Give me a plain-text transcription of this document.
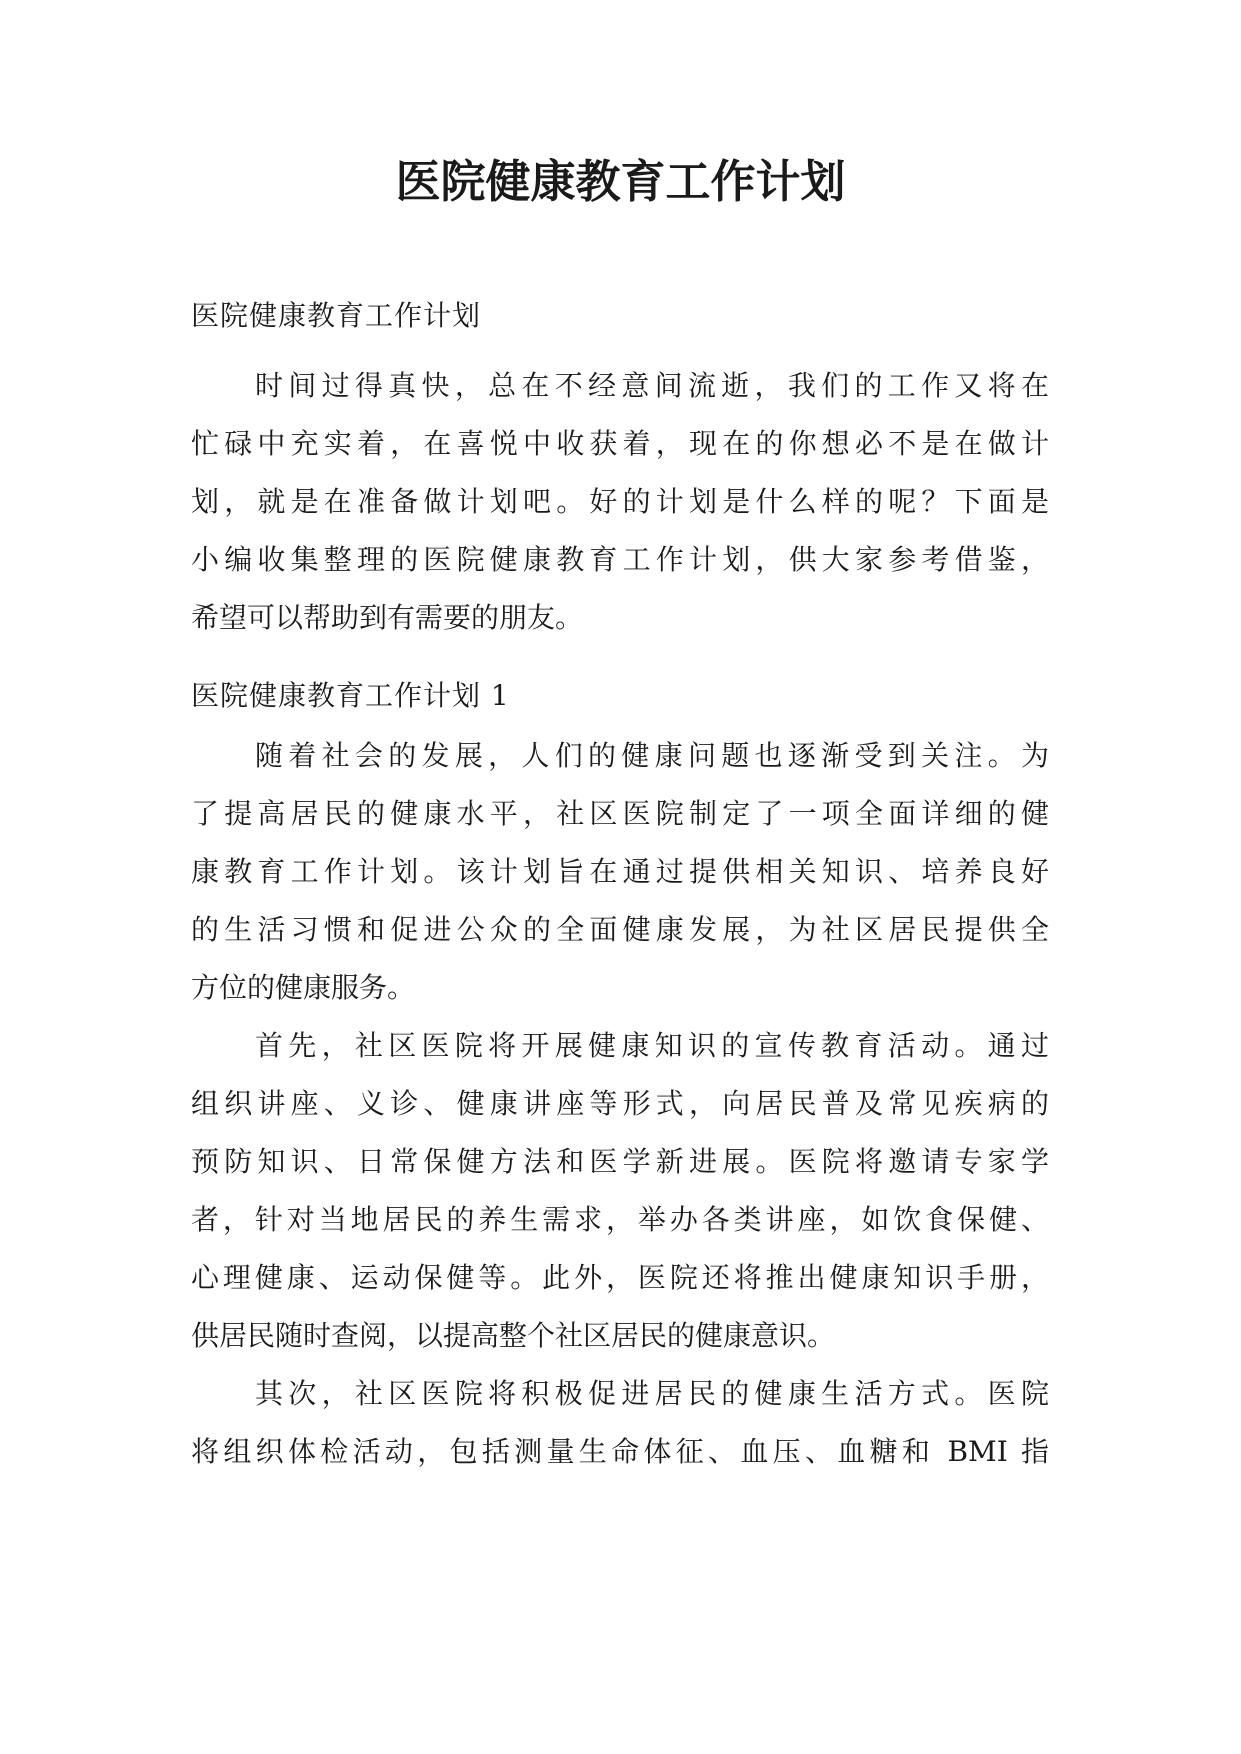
医院健康教育工作计划
医院健康教育工作计划
时间过得真快，总在不经意间流逝，我们的工作又将在
忙碌中充实着，在喜悦中收获着，现在的你想必不是在做计
划，就是在准备做计划吧。好的计划是什么样的呢？下面是
小编收集整理的医院健康教育工作计划，供大家参考借鉴，
希望可以帮助到有需要的朋友。
医院健康教育工作计划 1
随着社会的发展，人们的健康问题也逐渐受到关注。为
了提高居民的健康水平，社区医院制定了一项全面详细的健
康教育工作计划。该计划旨在通过提供相关知识、培养良好
的生活习惯和促进公众的全面健康发展，为社区居民提供全
方位的健康服务。
首先，社区医院将开展健康知识的宣传教育活动。通过
组织讲座、义诊、健康讲座等形式，向居民普及常见疾病的
预防知识、日常保健方法和医学新进展。医院将邀请专家学
者，针对当地居民的养生需求，举办各类讲座，如饮食保健、
心理健康、运动保健等。此外，医院还将推出健康知识手册，
供居民随时查阅，以提高整个社区居民的健康意识。
其次，社区医院将积极促进居民的健康生活方式。医院
将组织体检活动，包括测量生命体征、血压、血糖和 BMI 指
